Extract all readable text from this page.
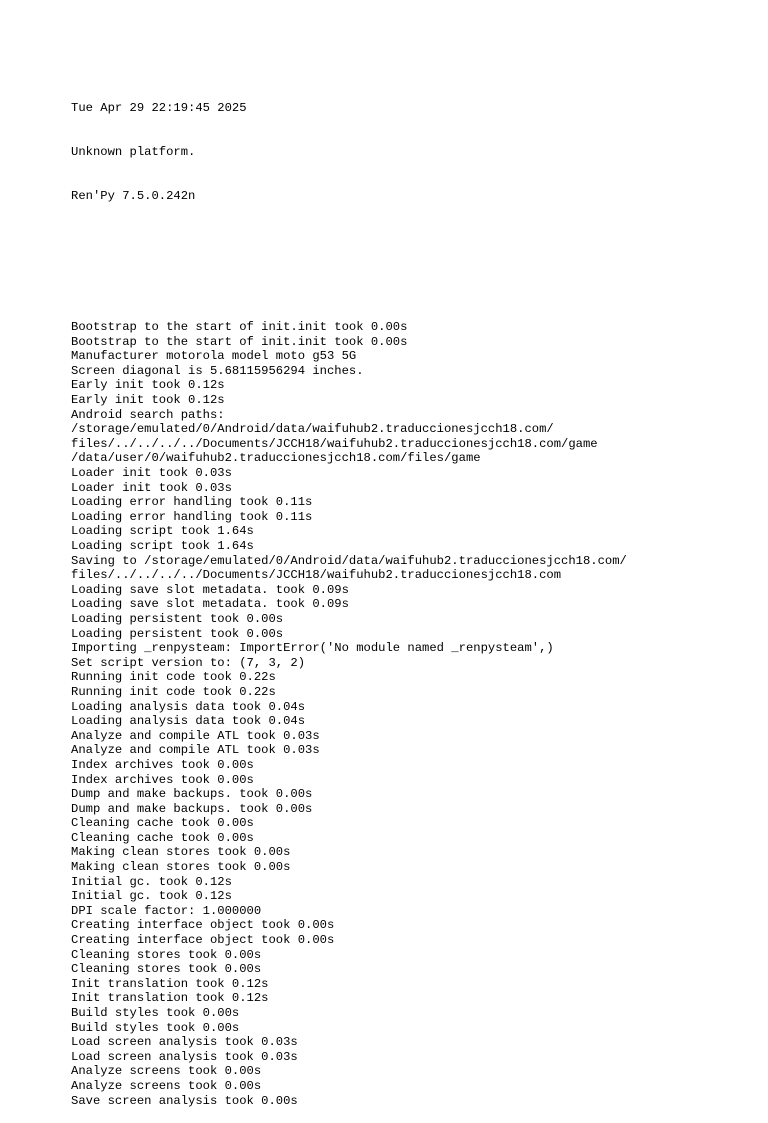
Tue Apr 29 22:19:45 2025

Unknown platform.

Ren'Py 7.5.0.242n

Bootstrap to the start of init.init took 0.00s
Bootstrap to the start of init.init took 0.00s
Manufacturer motorola model moto g53 5G
Screen diagonal is 5.68115956294 inches.
Early init took 0.12s
Early init took 0.12s
Android search paths:
/storage/emulated/0/Android/data/waifuhub2.traduccionesjcch18.com/
files/../../../../Documents/JCCH18/waifuhub2.traduccionesjcch18.com/game
/data/user/0/waifuhub2.traduccionesjcch18.com/files/game
Loader init took 0.03s
Loader init took 0.03s
Loading error handling took 0.11s
Loading error handling took 0.11s
Loading script took 1.64s
Loading script took 1.64s
Saving to /storage/emulated/0/Android/data/waifuhub2.traduccionesjcch18.com/
files/../../../../Documents/JCCH18/waifuhub2.traduccionesjcch18.com
Loading save slot metadata. took 0.09s
Loading save slot metadata. took 0.09s
Loading persistent took 0.00s
Loading persistent took 0.00s
Importing _renpysteam: ImportError('No module named _renpysteam',)
Set script version to: (7, 3, 2)
Running init code took 0.22s
Running init code took 0.22s
Loading analysis data took 0.04s
Loading analysis data took 0.04s
Analyze and compile ATL took 0.03s
Analyze and compile ATL took 0.03s
Index archives took 0.00s
Index archives took 0.00s
Dump and make backups. took 0.00s
Dump and make backups. took 0.00s
Cleaning cache took 0.00s
Cleaning cache took 0.00s
Making clean stores took 0.00s
Making clean stores took 0.00s
Initial gc. took 0.12s
Initial gc. took 0.12s
DPI scale factor: 1.000000
Creating interface object took 0.00s
Creating interface object took 0.00s
Cleaning stores took 0.00s
Cleaning stores took 0.00s
Init translation took 0.12s
Init translation took 0.12s
Build styles took 0.00s
Build styles took 0.00s
Load screen analysis took 0.03s
Load screen analysis took 0.03s
Analyze screens took 0.00s
Analyze screens took 0.00s
Save screen analysis took 0.00s
